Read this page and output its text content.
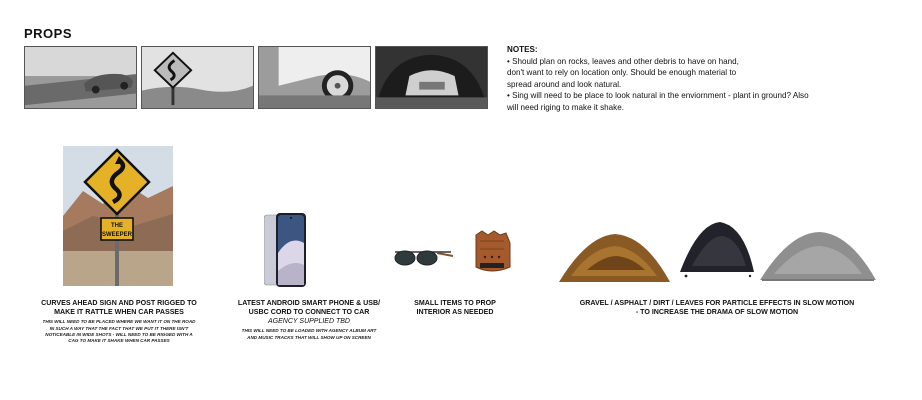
PROPS
NOTES:
• Should plan on rocks, leaves and other debris to have on hand,
don't want to rely on location only. Should be enough material to
spread around and look natural.
• Sing will need to be place to look natural in the enviornment - plant in ground? Also
will need riging to make it shake.
THE
SWEEPER
CURVES AHEAD SIGN AND POST RIGGED TO
MAKE IT RATTLE WHEN CAR PASSES
THIS WILL NEED TO BE PLACED WHERE WE WANT IT ON THE ROAD
IN SUCH A WAY THAT THE FACT THAT WE PUT IT THERE ISN'T
NOTICEABLE IN WIDE SHOTS - WILL NEED TO BE RIGGED WITH A
CAG TO MAKE IT SHAKE WHEN CAR PASSES
LATEST ANDROID SMART PHONE & USB/
USBC CORD TO CONNECT TO CAR
AGENCY SUPPLIED TBD
THIS WILL NEED TO BE LOADED WITH AGENCY ALBUM ART
AND MUSIC TRACKS THAT WILL SHOW UP ON SCREEN
SMALL ITEMS TO PROP
INTERIOR AS NEEDED
GRAVEL / ASPHALT / DIRT / LEAVES FOR PARTICLE EFFECTS IN SLOW MOTION
- TO INCREASE THE DRAMA OF SLOW MOTION
